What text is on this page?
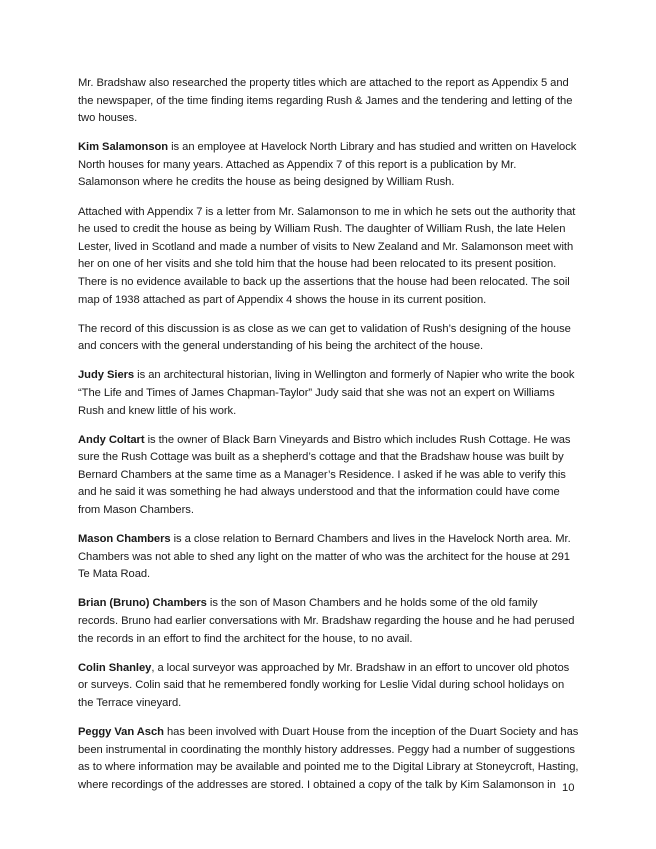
Mr. Bradshaw also researched the property titles which are attached to the report as Appendix 5 and the newspaper, of the time finding items regarding Rush & James and the tendering and letting of the two houses.

Kim Salamonson is an employee at Havelock North Library and has studied and written on Havelock North houses for many years. Attached as Appendix 7 of this report is a publication by Mr. Salamonson where he credits the house as being designed by William Rush.

Attached with Appendix 7 is a letter from Mr. Salamonson to me in which he sets out the authority that he used to credit the house as being by William Rush. The daughter of William Rush, the late Helen Lester, lived in Scotland and made a number of visits to New Zealand and Mr. Salamonson meet with her on one of her visits and she told him that the house had been relocated to its present position. There is no evidence available to back up the assertions that the house had been relocated. The soil map of 1938 attached as part of Appendix 4 shows the house in its current position.

The record of this discussion is as close as we can get to validation of Rush’s designing of the house and concers with the general understanding of his being the architect of the house.

Judy Siers is an architectural historian, living in Wellington and formerly of Napier who write the book “The Life and Times of James Chapman-Taylor” Judy said that she was not an expert on Williams Rush and knew little of his work.

Andy Coltart is the owner of Black Barn Vineyards and Bistro which includes Rush Cottage. He was sure the Rush Cottage was built as a shepherd’s cottage and that the Bradshaw house was built by Bernard Chambers at the same time as a Manager’s Residence. I asked if he was able to verify this and he said it was something he had always understood and that the information could have come from Mason Chambers.

Mason Chambers is a close relation to Bernard Chambers and lives in the Havelock North area. Mr. Chambers was not able to shed any light on the matter of who was the architect for the house at 291 Te Mata Road.

Brian (Bruno) Chambers is the son of Mason Chambers and he holds some of the old family records. Bruno had earlier conversations with Mr. Bradshaw regarding the house and he had perused the records in an effort to find the architect for the house, to no avail.

Colin Shanley, a local surveyor was approached by Mr. Bradshaw in an effort to uncover old photos or surveys. Colin said that he remembered fondly working for Leslie Vidal during school holidays on the Terrace vineyard.

Peggy Van Asch has been involved with Duart House from the inception of the Duart Society and has been instrumental in coordinating the monthly history addresses. Peggy had a number of suggestions as to where information may be available and pointed me to the Digital Library at Stoneycroft, Hasting, where recordings of the addresses are stored. I obtained a copy of the talk by Kim Salamonson in 10
